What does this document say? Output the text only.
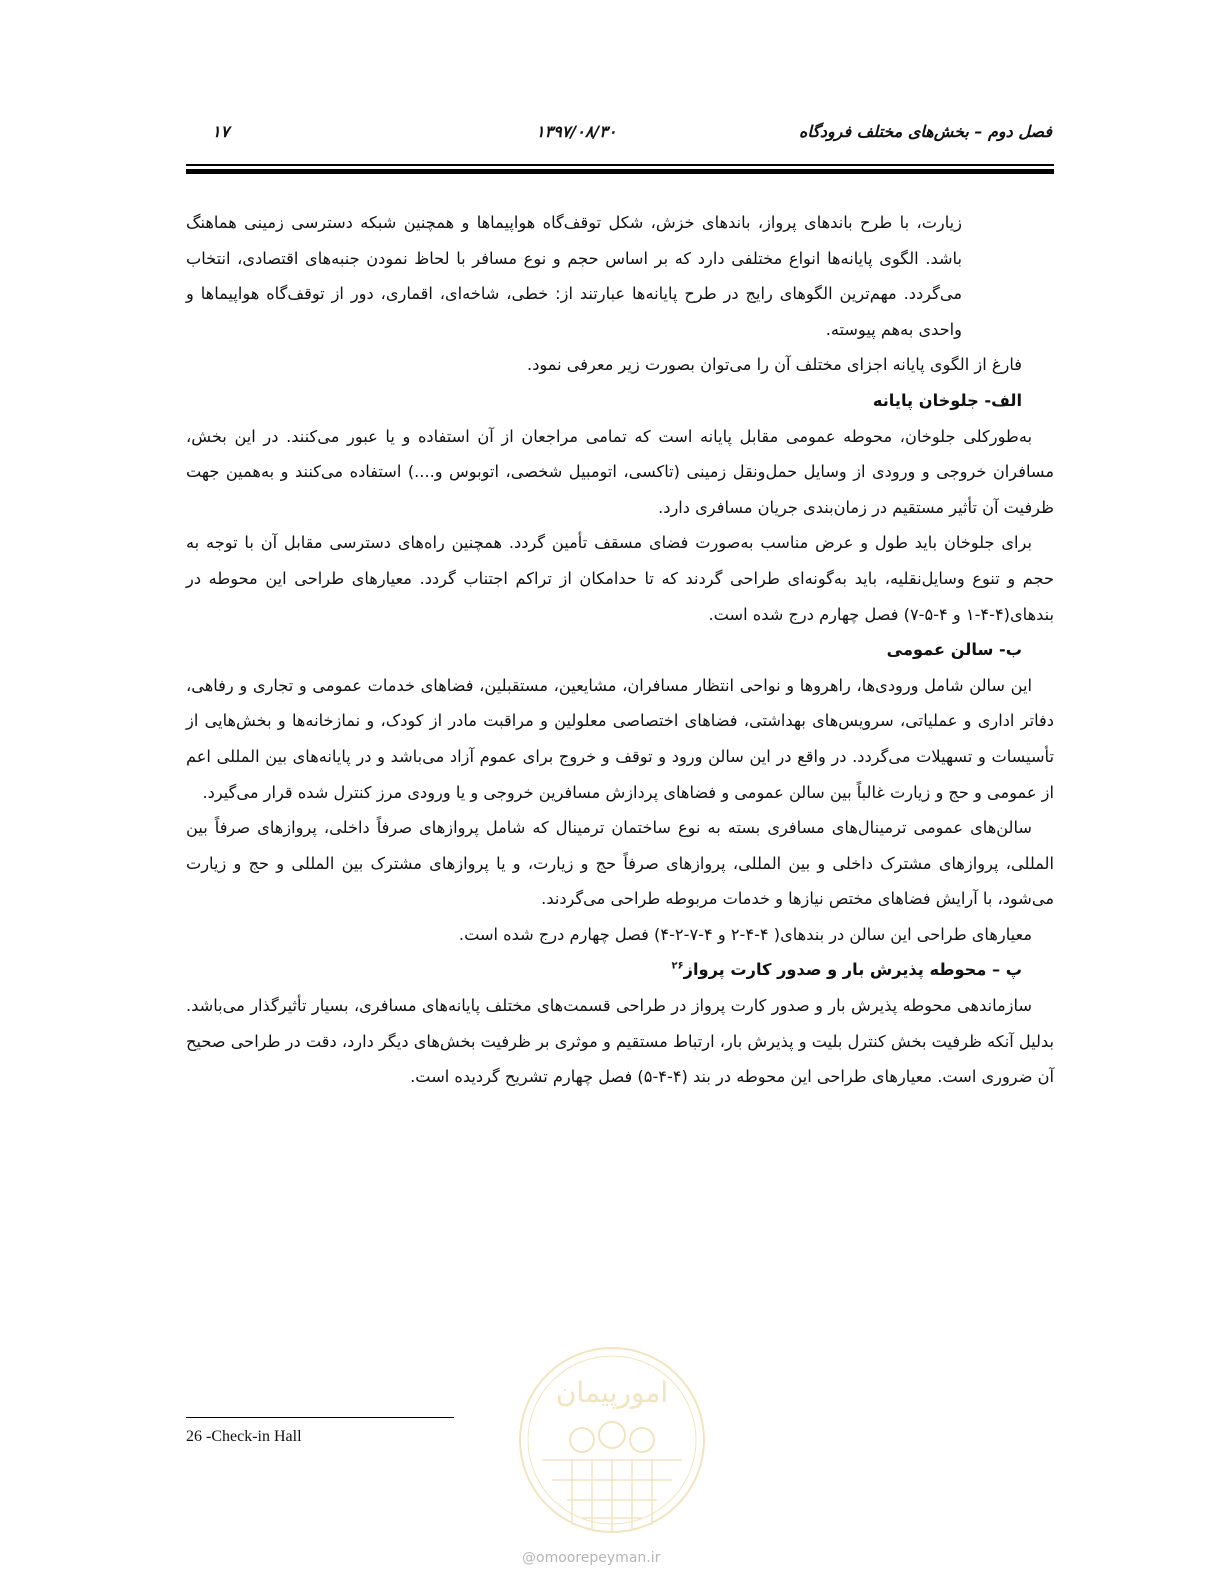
فصل دوم – بخش‌های مختلف فرودگاه
۱۳۹۷/۰۸/۳۰
۱۷

زیارت، با طرح باندهای پرواز، باندهای خزش، شکل توقف‌گاه هواپیماها و همچنین شبکه دسترسی زمینی هماهنگ باشد. الگوی پایانه‌ها انواع مختلفی دارد که بر اساس حجم و نوع مسافر با لحاظ نمودن جنبه‌های اقتصادی، انتخاب می‌گردد. مهم‌ترین الگوهای رایج در طرح پایانه‌ها عبارتند از: خطی، شاخه‌ای، اقماری، دور از توقف‌گاه هواپیماها و واحدی به‌هم پیوسته.

فارغ از الگوی پایانه اجزای مختلف آن را می‌توان بصورت زیر معرفی نمود.

الف- جلوخان پایانه

به‌طورکلی جلوخان، محوطه عمومی مقابل پایانه است که تمامی مراجعان از آن استفاده و یا عبور می‌کنند. در این بخش، مسافران خروجی و ورودی از وسایل حمل‌ونقل زمینی (تاکسی، اتومبیل شخصی، اتوبوس و....) استفاده می‌کنند و به‌همین جهت ظرفیت آن تأثیر مستقیم در زمان‌بندی جریان مسافری دارد.

برای جلوخان باید طول و عرض مناسب به‌صورت فضای مسقف تأمین گردد. همچنین راه‌های دسترسی مقابل آن با توجه به حجم و تنوع وسایل‌نقلیه، باید به‌گونه‌ای طراحی گردند که تا حدامکان از تراکم اجتناب گردد. معیارهای طراحی این محوطه در بندهای(۴-۴-۱ و ۴-۵-۷) فصل چهارم درج شده است.

ب- سالن عمومی

این سالن شامل ورودی‌ها، راهروها و نواحی انتظار مسافران، مشایعین، مستقبلین، فضاهای خدمات عمومی و تجاری و رفاهی، دفاتر اداری و عملیاتی، سرویس‌های بهداشتی، فضاهای اختصاصی معلولین و مراقبت مادر از کودک، و نمازخانه‌ها و بخش‌هایی از تأسیسات و تسهیلات می‌گردد. در واقع در این سالن ورود و توقف و خروج برای عموم آزاد می‌باشد و در پایانه‌های بین المللی اعم از عمومی و حج و زیارت غالباً بین سالن عمومی و فضاهای پردازش مسافرین خروجی و یا ورودی مرز کنترل شده قرار می‌گیرد.

سالن‌های عمومی ترمینال‌های مسافری بسته به نوع ساختمان ترمینال که شامل پروازهای صرفاً داخلی، پروازهای صرفاً بین المللی، پروازهای مشترک داخلی و بین المللی، پروازهای صرفاً حج و زیارت، و یا پروازهای مشترک بین المللی و حج و زیارت می‌شود، با آرایش فضاهای مختص نیازها و خدمات مربوطه طراحی می‌گردند.

معیارهای طراحی این سالن در بندهای( ۴-۴-۲ و ۴-۷-۲-۴) فصل چهارم درج شده است.

پ – محوطه پذیرش بار و صدور کارت پرواز$^{۲۶}$

سازماندهی محوطه پذیرش بار و صدور کارت پرواز در طراحی قسمت‌های مختلف پایانه‌های مسافری، بسیار تأثیرگذار می‌باشد. بدلیل آنکه ظرفیت بخش کنترل بلیت و پذیرش بار، ارتباط مستقیم و موثری بر ظرفیت بخش‌های دیگر دارد، دقت در طراحی صحیح آن ضروری است. معیارهای طراحی این محوطه در بند (۴-۴-۵) فصل چهارم تشریح گردیده است.

26 -Check-in Hall
امورپیمان
@omoorepeyman.ir
